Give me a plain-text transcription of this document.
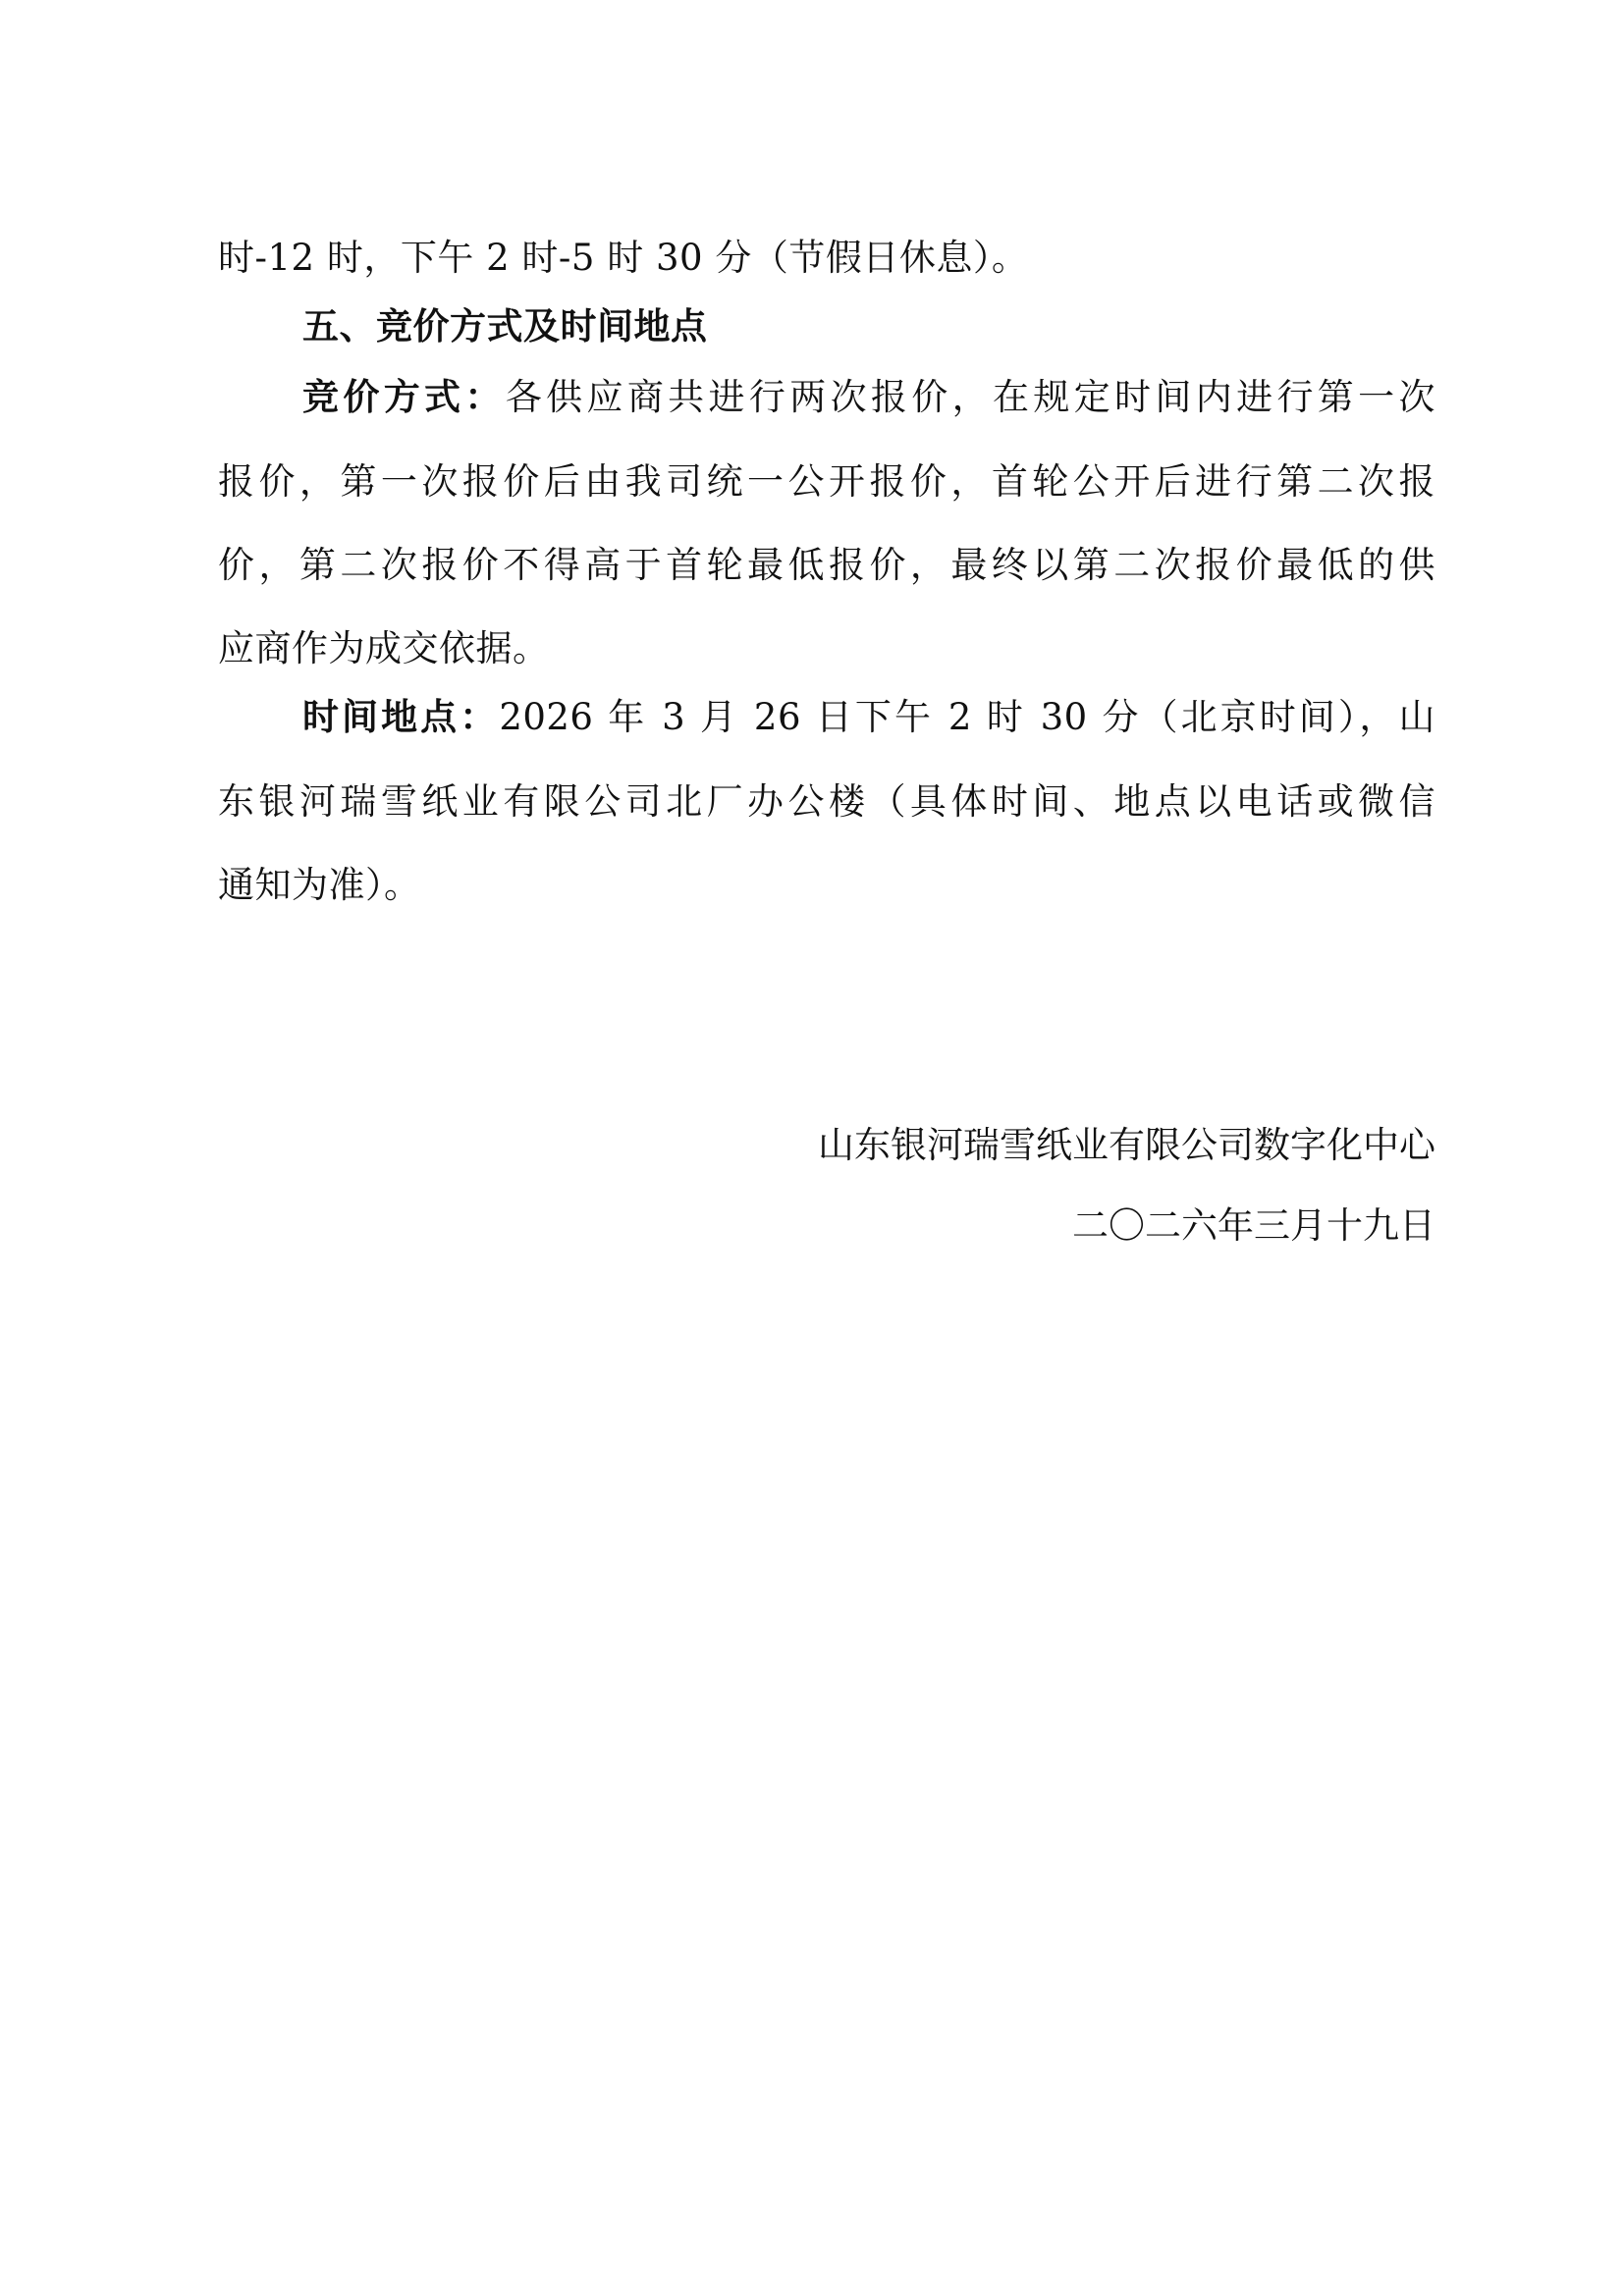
时-12 时，下午 2 时-5 时 30 分（节假日休息）。
五、竞价方式及时间地点
竞价方式：各供应商共进行两次报价，在规定时间内进行第一次
报价，第一次报价后由我司统一公开报价，首轮公开后进行第二次报
价，第二次报价不得高于首轮最低报价，最终以第二次报价最低的供
应商作为成交依据。
时间地点：2026 年 3 月 26 日下午 2 时 30 分（北京时间），山
东银河瑞雪纸业有限公司北厂办公楼（具体时间、地点以电话或微信
通知为准）。
山东银河瑞雪纸业有限公司数字化中心
二〇二六年三月十九日
